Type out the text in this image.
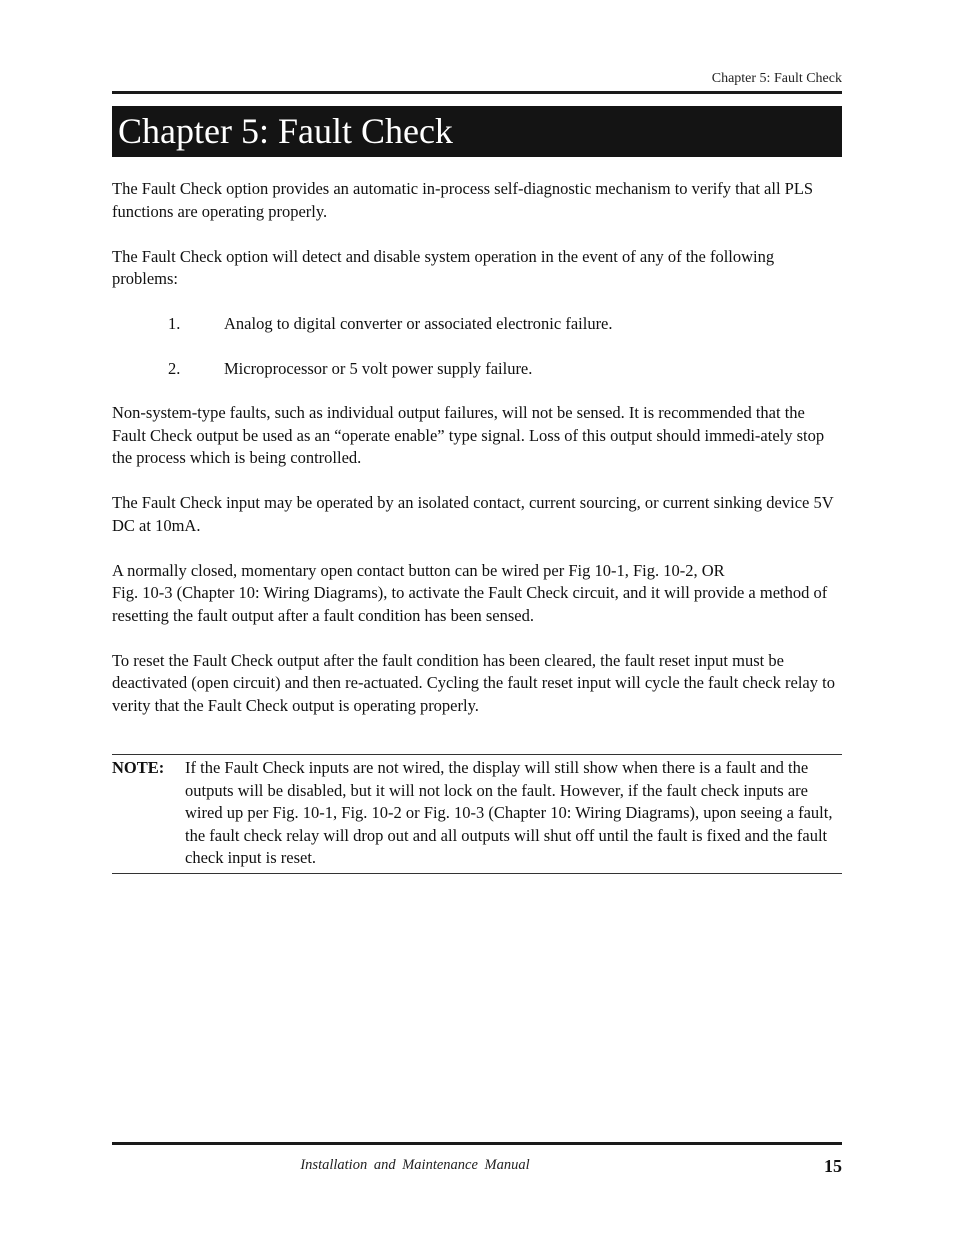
Chapter 5: Fault Check
Chapter 5: Fault Check

The Fault Check option provides an automatic in-process self-diagnostic mechanism to verify that all PLS functions are operating properly.

The Fault Check option will detect and disable system operation in the event of any of the following problems:

1.	Analog to digital converter or associated electronic failure.
2.	Microprocessor or 5 volt power supply failure.

Non-system-type faults, such as individual output failures, will not be sensed. It is recommended that the Fault Check output be used as an “operate enable” type signal. Loss of this output should immedi-ately stop the process which is being controlled.

The Fault Check input may be operated by an isolated contact, current sourcing, or current sinking device 5V DC at 10mA.

A normally closed, momentary open contact button can be wired per Fig 10-1, Fig. 10-2, OR
Fig. 10-3 (Chapter 10: Wiring Diagrams), to activate the Fault Check circuit, and it will provide a method of resetting the fault output after a fault condition has been sensed.

To reset the Fault Check output after the fault condition has been cleared, the fault reset input must be deactivated (open circuit) and then re-actuated. Cycling the fault reset input will cycle the fault check relay to verity that the Fault Check output is operating properly.

NOTE: If the Fault Check inputs are not wired, the display will still show when there is a fault and the outputs will be disabled, but it will not lock on the fault. However, if the fault check inputs are wired up per Fig. 10-1, Fig. 10-2 or Fig. 10-3 (Chapter 10: Wiring Diagrams), upon seeing a fault, the fault check relay will drop out and all outputs will shut off until the fault is fixed and the fault check input is reset.
Installation and Maintenance Manual	15
